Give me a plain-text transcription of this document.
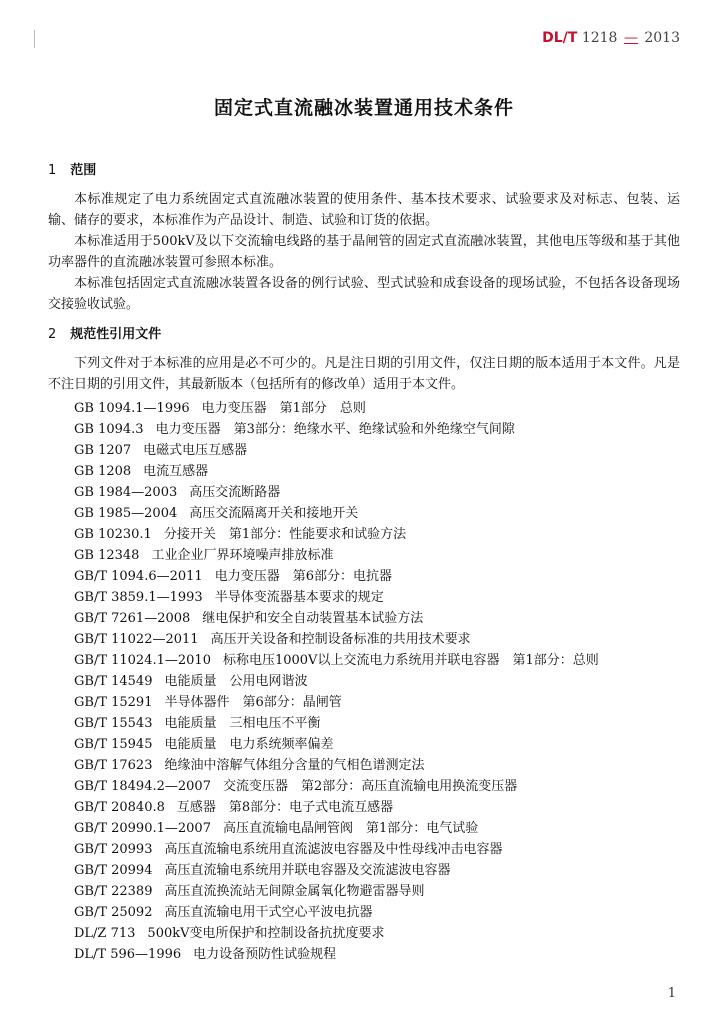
DL/T 1218 — 2013
固定式直流融冰装置通用技术条件
1 范围

本标准规定了电力系统固定式直流融冰装置的使用条件、基本技术要求、试验要求及对标志、包装、运输、储存的要求，本标准作为产品设计、制造、试验和订货的依据。

本标准适用于500kV及以下交流输电线路的基于晶闸管的固定式直流融冰装置，其他电压等级和基于其他功率器件的直流融冰装置可参照本标准。

本标准包括固定式直流融冰装置各设备的例行试验、型式试验和成套设备的现场试验，不包括各设备现场交接验收试验。

2 规范性引用文件

下列文件对于本标准的应用是必不可少的。凡是注日期的引用文件，仅注日期的版本适用于本文件。凡是不注日期的引用文件，其最新版本（包括所有的修改单）适用于本文件。

GB 1094.1—1996 电力变压器　第1部分　总则
GB 1094.3 电力变压器　第3部分：绝缘水平、绝缘试验和外绝缘空气间隙
GB 1207 电磁式电压互感器
GB 1208 电流互感器
GB 1984—2003 高压交流断路器
GB 1985—2004 高压交流隔离开关和接地开关
GB 10230.1 分接开关　第1部分：性能要求和试验方法
GB 12348 工业企业厂界环境噪声排放标准
GB/T 1094.6—2011 电力变压器　第6部分：电抗器
GB/T 3859.1—1993 半导体变流器基本要求的规定
GB/T 7261—2008 继电保护和安全自动装置基本试验方法
GB/T 11022—2011 高压开关设备和控制设备标准的共用技术要求
GB/T 11024.1—2010 标称电压1000V以上交流电力系统用并联电容器　第1部分：总则
GB/T 14549 电能质量　公用电网谐波
GB/T 15291 半导体器件　第6部分：晶闸管
GB/T 15543 电能质量　三相电压不平衡
GB/T 15945 电能质量　电力系统频率偏差
GB/T 17623 绝缘油中溶解气体组分含量的气相色谱测定法
GB/T 18494.2—2007 交流变压器　第2部分：高压直流输电用换流变压器
GB/T 20840.8 互感器　第8部分：电子式电流互感器
GB/T 20990.1—2007 高压直流输电晶闸管阀　第1部分：电气试验
GB/T 20993 高压直流输电系统用直流滤波电容器及中性母线冲击电容器
GB/T 20994 高压直流输电系统用并联电容器及交流滤波电容器
GB/T 22389 高压直流换流站无间隙金属氧化物避雷器导则
GB/T 25092 高压直流输电用干式空心平波电抗器
DL/Z 713 500kV变电所保护和控制设备抗扰度要求
DL/T 596—1996 电力设备预防性试验规程
1
